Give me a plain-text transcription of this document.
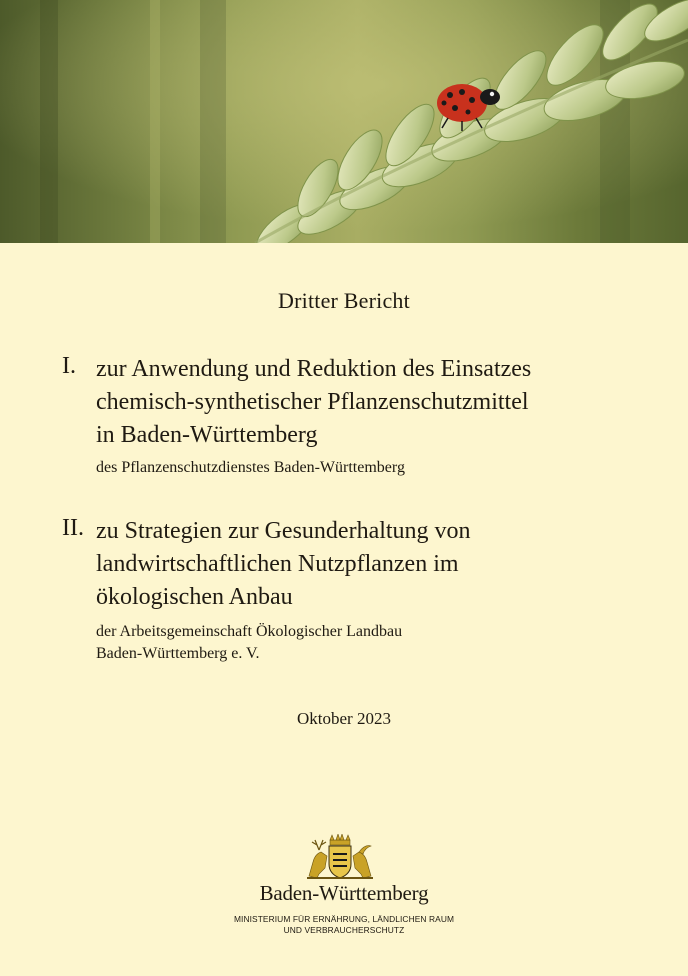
Dritter Bericht
I. zur Anwendung und Reduktion des Einsatzes
chemisch-synthetischer Pflanzenschutzmittel
in Baden-Württemberg
des Pflanzenschutzdienstes Baden-Württemberg
II. zu Strategien zur Gesunderhaltung von
landwirtschaftlichen Nutzpflanzen im
ökologischen Anbau
der Arbeitsgemeinschaft Ökologischer Landbau
Baden-Württemberg e. V.
Oktober 2023
Baden-Württemberg
MINISTERIUM FÜR ERNÄHRUNG, LÄNDLICHEN RAUM
UND VERBRAUCHERSCHUTZ
